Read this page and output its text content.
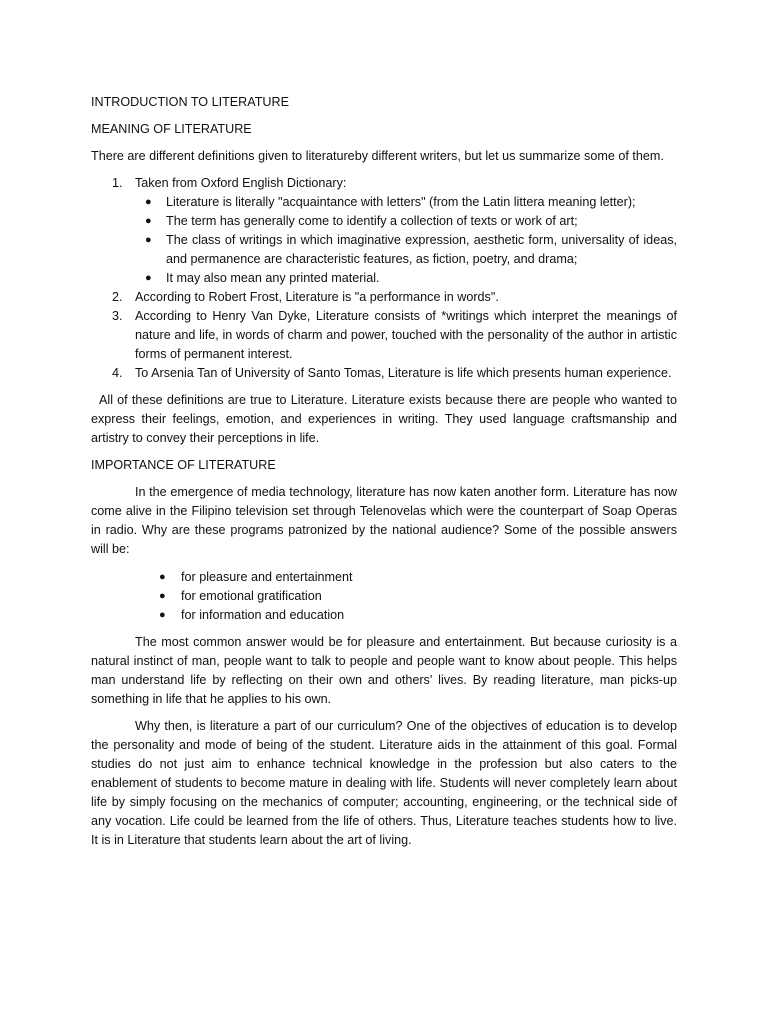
INTRODUCTION TO LITERATURE
MEANING OF LITERATURE

There are different definitions given to literatureby different writers, but let us summarize some of them.

1. Taken from Oxford English Dictionary:
● Literature is literally "acquaintance with letters" (from the Latin littera meaning letter);
● The term has generally come to identify a collection of texts or work of art;
● The class of writings in which imaginative expression, aesthetic form, universality of ideas, and permanence are characteristic features, as fiction, poetry, and drama;
● It may also mean any printed material.
2. According to Robert Frost, Literature is "a performance in words".
3. According to Henry Van Dyke, Literature consists of *writings which interpret the meanings of nature and life, in words of charm and power, touched with the personality of the author in artistic forms of permanent interest.
4. To Arsenia Tan of University of Santo Tomas, Literature is life which presents human experience.

All of these definitions are true to Literature. Literature exists because there are people who wanted to express their feelings, emotion, and experiences in writing. They used language craftsmanship and artistry to convey their perceptions in life.

IMPORTANCE OF LITERATURE

In the emergence of media technology, literature has now katen another form. Literature has now come alive in the Filipino television set through Telenovelas which were the counterpart of Soap Operas in radio. Why are these programs patronized by the national audience? Some of the possible answers will be:

● for pleasure and entertainment
● for emotional gratification
● for information and education

The most common answer would be for pleasure and entertainment. But because curiosity is a natural instinct of man, people want to talk to people and people want to know about people. This helps man understand life by reflecting on their own and others' lives. By reading literature, man picks-up something in life that he applies to his own.

Why then, is literature a part of our curriculum? One of the objectives of education is to develop the personality and mode of being of the student. Literature aids in the attainment of this goal. Formal studies do not just aim to enhance technical knowledge in the profession but also caters to the enablement of students to become mature in dealing with life. Students will never completely learn about life by simply focusing on the mechanics of computer; accounting, engineering, or the technical side of any vocation. Life could be learned from the life of others. Thus, Literature teaches students how to live. It is in Literature that students learn about the art of living.
